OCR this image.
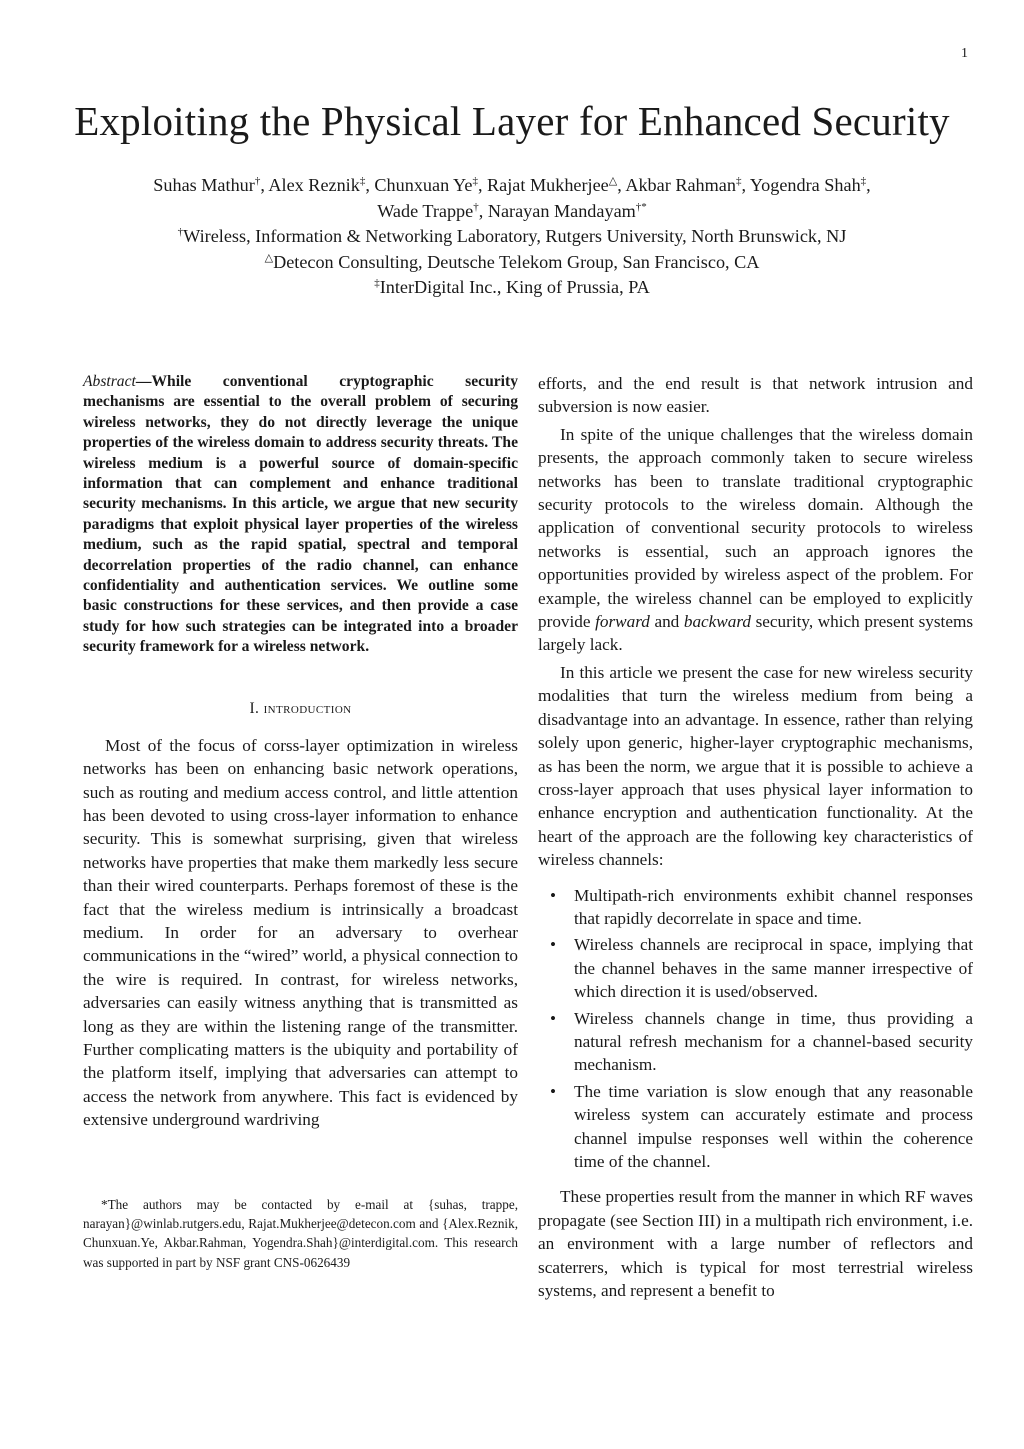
1
Exploiting the Physical Layer for Enhanced Security
Suhas Mathur†, Alex Reznik‡, Chunxuan Ye‡, Rajat Mukherjee△, Akbar Rahman‡, Yogendra Shah‡,
Wade Trappe†, Narayan Mandayam†*
†Wireless, Information & Networking Laboratory, Rutgers University, North Brunswick, NJ
△Detecon Consulting, Deutsche Telekom Group, San Francisco, CA
‡InterDigital Inc., King of Prussia, PA

Abstract—While conventional cryptographic security mechanisms are essential to the overall problem of securing wireless networks, they do not directly leverage the unique properties of the wireless domain to address security threats. The wireless medium is a powerful source of domain-specific information that can complement and enhance traditional security mechanisms. In this article, we argue that new security paradigms that exploit physical layer properties of the wireless medium, such as the rapid spatial, spectral and temporal decorrelation properties of the radio channel, can enhance confidentiality and authentication services. We outline some basic constructions for these services, and then provide a case study for how such strategies can be integrated into a broader security framework for a wireless network.

I. introduction

Most of the focus of corss-layer optimization in wireless networks has been on enhancing basic network operations, such as routing and medium access control, and little attention has been devoted to using cross-layer information to enhance security. This is somewhat surprising, given that wireless networks have properties that make them markedly less secure than their wired counterparts. Perhaps foremost of these is the fact that the wireless medium is intrinsically a broadcast medium. In order for an adversary to overhear communications in the “wired” world, a physical connection to the wire is required. In contrast, for wireless networks, adversaries can easily witness anything that is transmitted as long as they are within the listening range of the transmitter. Further complicating matters is the ubiquity and portability of the platform itself, implying that adversaries can attempt to access the network from anywhere. This fact is evidenced by extensive underground wardriving

efforts, and the end result is that network intrusion and subversion is now easier.

In spite of the unique challenges that the wireless domain presents, the approach commonly taken to secure wireless networks has been to translate traditional cryptographic security protocols to the wireless domain. Although the application of conventional security protocols to wireless networks is essential, such an approach ignores the opportunities provided by wireless aspect of the problem. For example, the wireless channel can be employed to explicitly provide forward and backward security, which present systems largely lack.

In this article we present the case for new wireless security modalities that turn the wireless medium from being a disadvantage into an advantage. In essence, rather than relying solely upon generic, higher-layer cryptographic mechanisms, as has been the norm, we argue that it is possible to achieve a cross-layer approach that uses physical layer information to enhance encryption and authentication functionality. At the heart of the approach are the following key characteristics of wireless channels:

• Multipath-rich environments exhibit channel responses that rapidly decorrelate in space and time.
• Wireless channels are reciprocal in space, implying that the channel behaves in the same manner irrespective of which direction it is used/observed.
• Wireless channels change in time, thus providing a natural refresh mechanism for a channel-based security mechanism.
• The time variation is slow enough that any reasonable wireless system can accurately estimate and process channel impulse responses well within the coherence time of the channel.

These properties result from the manner in which RF waves propagate (see Section III) in a multipath rich environment, i.e. an environment with a large number of reflectors and scaterrers, which is typical for most terrestrial wireless systems, and represent a benefit to

*The authors may be contacted by e-mail at {suhas, trappe, narayan}@winlab.rutgers.edu, Rajat.Mukherjee@detecon.com and {Alex.Reznik, Chunxuan.Ye, Akbar.Rahman, Yogendra.Shah}@interdigital.com. This research was supported in part by NSF grant CNS-0626439
